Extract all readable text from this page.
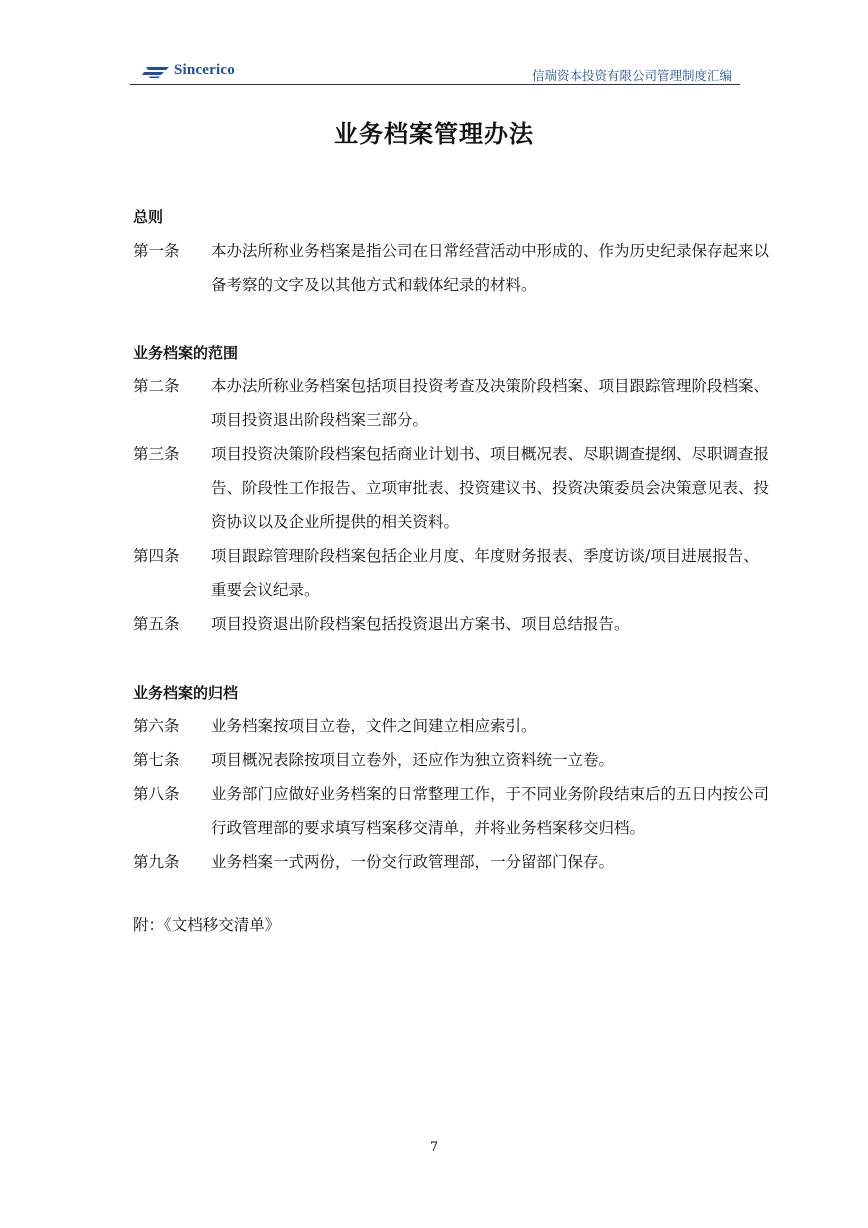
Sincerico	信瑞资本投资有限公司管理制度汇编
业务档案管理办法
总则
第一条 本办法所称业务档案是指公司在日常经营活动中形成的、作为历史纪录保存起来以备考察的文字及以其他方式和载体纪录的材料。
业务档案的范围
第二条 本办法所称业务档案包括项目投资考查及决策阶段档案、项目跟踪管理阶段档案、项目投资退出阶段档案三部分。
第三条 项目投资决策阶段档案包括商业计划书、项目概况表、尽职调查提纲、尽职调查报告、阶段性工作报告、立项审批表、投资建议书、投资决策委员会决策意见表、投资协议以及企业所提供的相关资料。
第四条 项目跟踪管理阶段档案包括企业月度、年度财务报表、季度访谈/项目进展报告、重要会议纪录。
第五条 项目投资退出阶段档案包括投资退出方案书、项目总结报告。
业务档案的归档
第六条 业务档案按项目立卷，文件之间建立相应索引。
第七条 项目概况表除按项目立卷外，还应作为独立资料统一立卷。
第八条 业务部门应做好业务档案的日常整理工作，于不同业务阶段结束后的五日内按公司行政管理部的要求填写档案移交清单，并将业务档案移交归档。
第九条 业务档案一式两份，一份交行政管理部，一分留部门保存。
附：《文档移交清单》
7
